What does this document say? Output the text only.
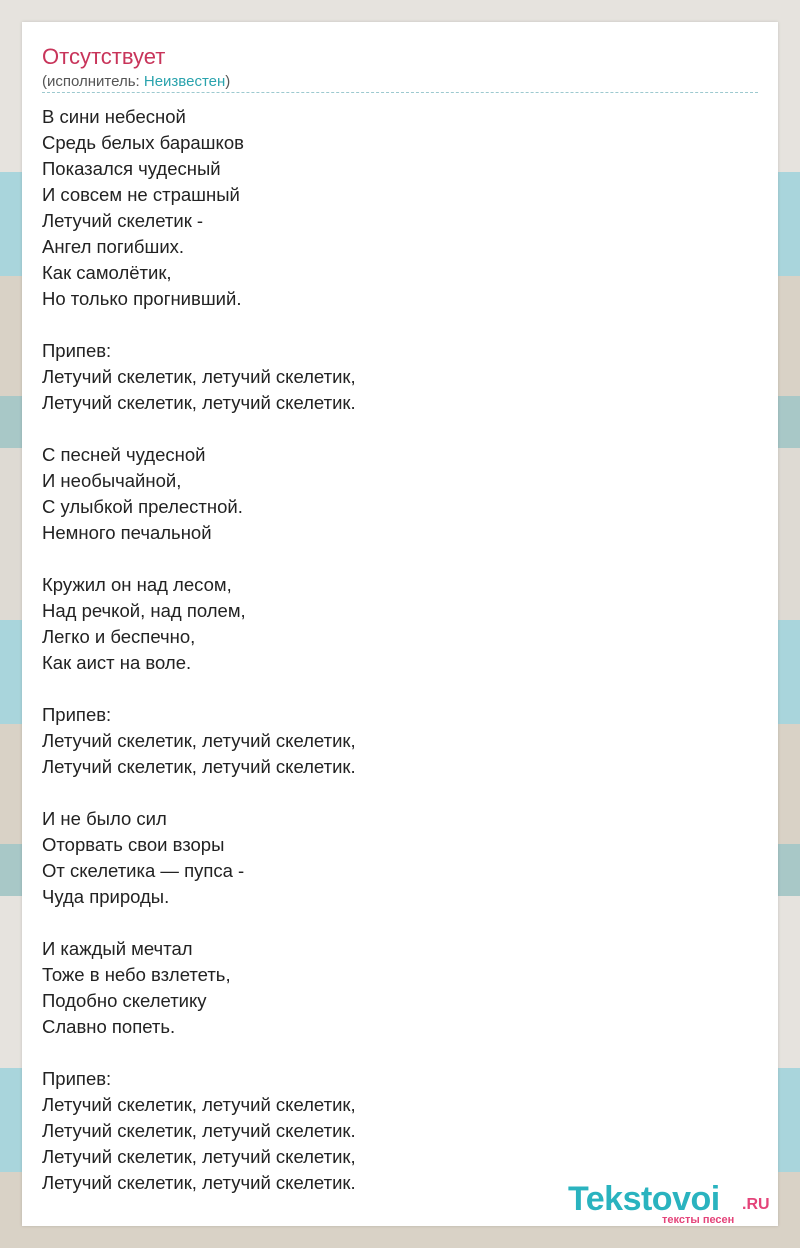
Отсутствует
(исполнитель: Неизвестен)
В сини небесной
Средь белых барашков
Показался чудесный
И совсем не страшный
Летучий скелетик -
Ангел погибших.
Как самолётик,
Но только прогнивший.
Припев:
Летучий скелетик, летучий скелетик,
Летучий скелетик, летучий скелетик.
С песней чудесной
И необычайной,
С улыбкой прелестной.
Немного печальной
Кружил он над лесом,
Над речкой, над полем,
Легко и беспечно,
Как аист на воле.
Припев:
Летучий скелетик, летучий скелетик,
Летучий скелетик, летучий скелетик.
И не было сил
Оторвать свои взоры
От скелетика — пупса -
Чуда природы.
И каждый мечтал
Тоже в небо взлететь,
Подобно скелетику
Славно попеть.
Припев:
Летучий скелетик, летучий скелетик,
Летучий скелетик, летучий скелетик.
Летучий скелетик, летучий скелетик,
Летучий скелетик, летучий скелетик.	Tekstovoi .RU
тексты песен
